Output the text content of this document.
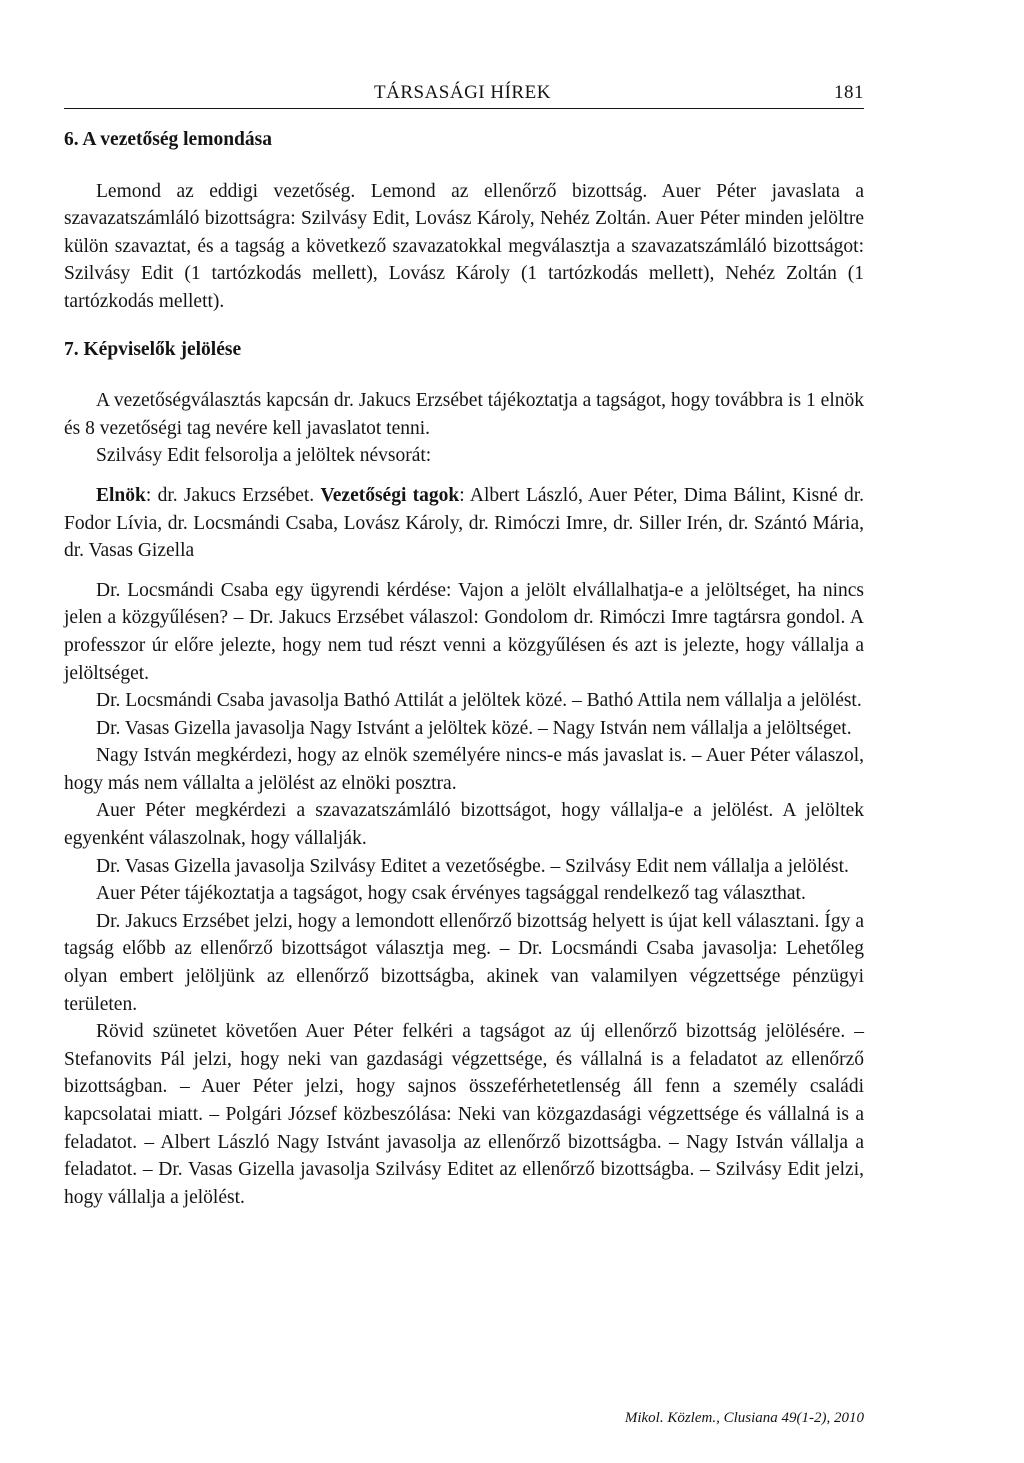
TÁRSASÁGI HÍREK	181
6. A vezetőség lemondása

Lemond az eddigi vezetőség. Lemond az ellenőrző bizottság. Auer Péter javaslata a szavazatszámláló bizottságra: Szilvásy Edit, Lovász Károly, Nehéz Zoltán. Auer Péter minden jelöltre külön szavaztat, és a tagság a következő szavazatokkal megválasztja a szavazatszámláló bizottságot: Szilvásy Edit (1 tartózkodás mellett), Lovász Károly (1 tartózkodás mellett), Nehéz Zoltán (1 tartózkodás mellett).

7. Képviselők jelölése

A vezetőségválasztás kapcsán dr. Jakucs Erzsébet tájékoztatja a tagságot, hogy továbbra is 1 elnök és 8 vezetőségi tag nevére kell javaslatot tenni.

Szilvásy Edit felsorolja a jelöltek névsorát:

Elnök: dr. Jakucs Erzsébet. Vezetőségi tagok: Albert László, Auer Péter, Dima Bálint, Kisné dr. Fodor Lívia, dr. Locsmándi Csaba, Lovász Károly, dr. Rimóczi Imre, dr. Siller Irén, dr. Szántó Mária, dr. Vasas Gizella

Dr. Locsmándi Csaba egy ügyrendi kérdése: Vajon a jelölt elvállalhatja-e a jelöltséget, ha nincs jelen a közgyűlésen? – Dr. Jakucs Erzsébet válaszol: Gondolom dr. Rimóczi Imre tagtársra gondol. A professzor úr előre jelezte, hogy nem tud részt venni a közgyűlésen és azt is jelezte, hogy vállalja a jelöltséget.

Dr. Locsmándi Csaba javasolja Bathó Attilát a jelöltek közé. – Bathó Attila nem vállalja a jelölést.

Dr. Vasas Gizella javasolja Nagy Istvánt a jelöltek közé. – Nagy István nem vállalja a jelöltséget.

Nagy István megkérdezi, hogy az elnök személyére nincs-e más javaslat is. – Auer Péter válaszol, hogy más nem vállalta a jelölést az elnöki posztra.

Auer Péter megkérdezi a szavazatszámláló bizottságot, hogy vállalja-e a jelölést. A jelöltek egyenként válaszolnak, hogy vállalják.

Dr. Vasas Gizella javasolja Szilvásy Editet a vezetőségbe. – Szilvásy Edit nem vállalja a jelölést.

Auer Péter tájékoztatja a tagságot, hogy csak érvényes tagsággal rendelkező tag választhat.

Dr. Jakucs Erzsébet jelzi, hogy a lemondott ellenőrző bizottság helyett is újat kell választani. Így a tagság előbb az ellenőrző bizottságot választja meg. – Dr. Locsmándi Csaba javasolja: Lehetőleg olyan embert jelöljünk az ellenőrző bizottságba, akinek van valamilyen végzettsége pénzügyi területen.

Rövid szünetet követően Auer Péter felkéri a tagságot az új ellenőrző bizottság jelölésére. – Stefanovits Pál jelzi, hogy neki van gazdasági végzettsége, és vállalná is a feladatot az ellenőrző bizottságban. – Auer Péter jelzi, hogy sajnos összeférhetetlenség áll fenn a személy családi kapcsolatai miatt. – Polgári József közbeszólása: Neki van közgazdasági végzettsége és vállalná is a feladatot. – Albert László Nagy Istvánt javasolja az ellenőrző bizottságba. – Nagy István vállalja a feladatot. – Dr. Vasas Gizella javasolja Szilvásy Editet az ellenőrző bizottságba. – Szilvásy Edit jelzi, hogy vállalja a jelölést.

Mikol. Közlem., Clusiana 49(1-2), 2010
